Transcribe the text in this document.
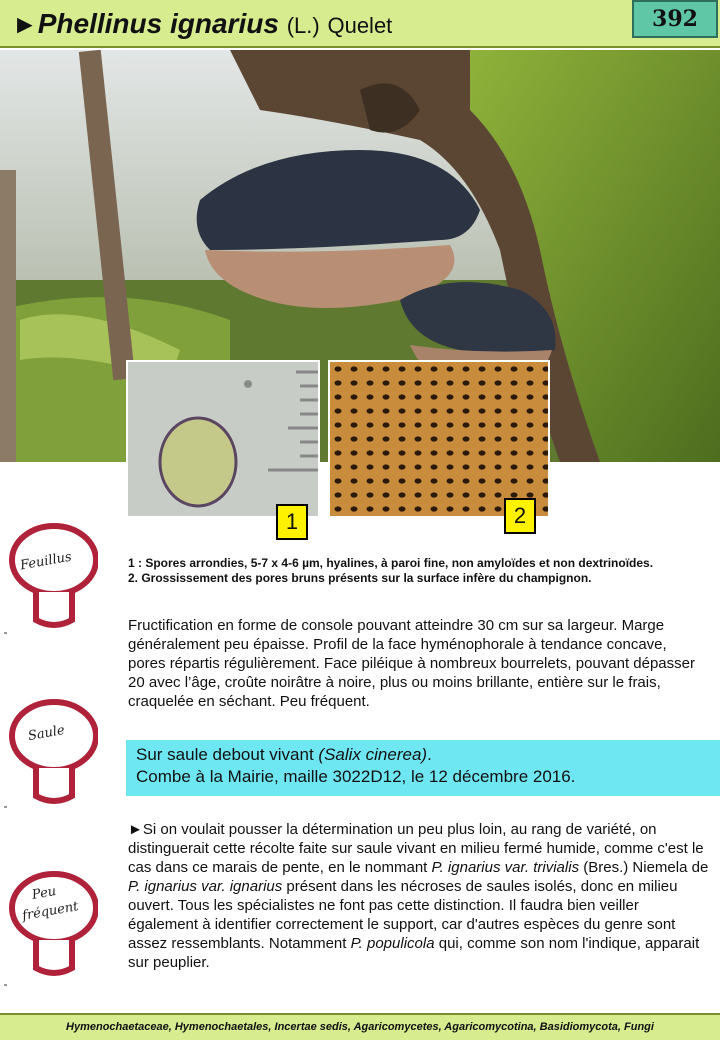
►Phellinus ignarius (L.) Quelet	392
1	2
Feuillus
Saule
Peu
fréquent
1 : Spores arrondies, 5-7 x 4-6 µm, hyalines, à paroi fine, non amyloïdes et non dextrinoïdes.
2. Grossissement des pores bruns présents sur la surface infère du champignon.
Fructification en forme de console pouvant atteindre 30 cm sur sa largeur. Marge généralement peu épaisse. Profil de la face hyménophorale à tendance concave, pores répartis régulièrement. Face piléique à nombreux bourrelets, pouvant dépasser 20 avec l’âge, croûte noirâtre à noire, plus ou moins brillante, entière sur le frais, craquelée en séchant. Peu fréquent.
Sur saule debout vivant (Salix cinerea).
Combe à la Mairie, maille 3022D12, le 12 décembre 2016.
►Si on voulait pousser la détermination un peu plus loin, au rang de variété, on distinguerait cette récolte faite sur saule vivant en milieu fermé humide, comme c'est le cas dans ce marais de pente, en le nommant P. ignarius var. trivialis (Bres.) Niemela de P. ignarius var. ignarius présent dans les nécroses de saules isolés, donc en milieu ouvert. Tous les spécialistes ne font pas cette distinction. Il faudra bien veiller également à identifier correctement le support, car d'autres espèces du genre sont assez ressemblants. Notamment P. populicola qui, comme son nom l'indique, apparait sur peuplier.
Hymenochaetaceae, Hymenochaetales, Incertae sedis, Agaricomycetes, Agaricomycotina, Basidiomycota, Fungi
